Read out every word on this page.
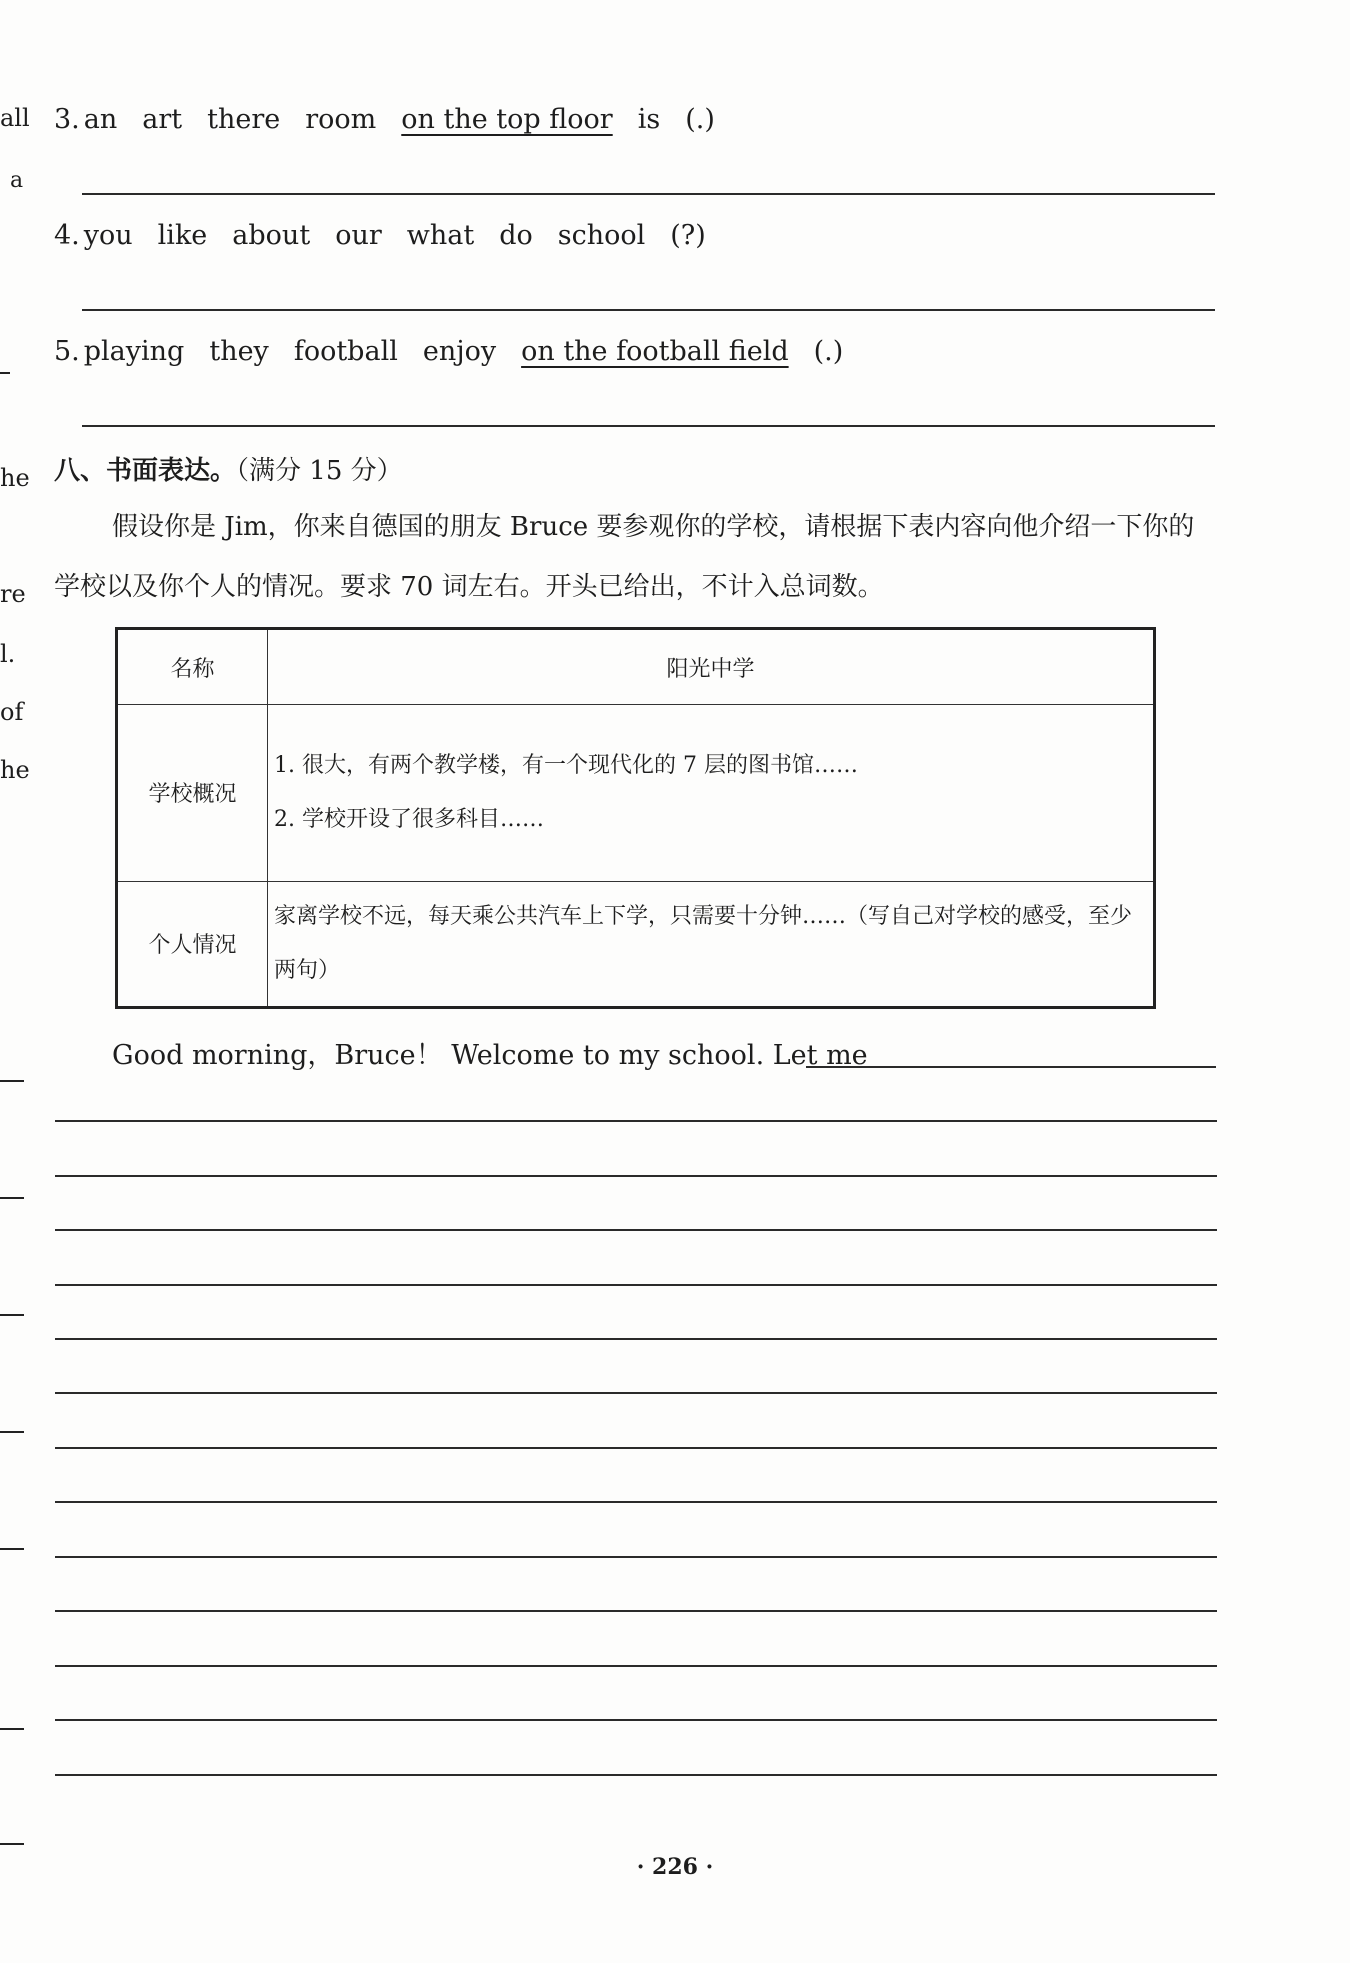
all
a
he
re
l.
of
he
3. an art there room on the top floor is (.)
4. you like about our what do school (?)
5. playing they football enjoy on the football field (.)
八、书面表达。（满分 15 分）
假设你是 Jim，你来自德国的朋友 Bruce 要参观你的学校，请根据下表内容向他介绍一下你的学校以及你个人的情况。要求 70 词左右。开头已给出，不计入总词数。
名称	阳光中学
学校概况	1. 很大，有两个教学楼，有一个现代化的 7 层的图书馆……
2. 学校开设了很多科目……

个人情况	家离学校不远，每天乘公共汽车上下学，只需要十分钟……（写自己对学校的感受，至少两句）
Good morning，Bruce！ Welcome to my school. Let me
· 226 ·
